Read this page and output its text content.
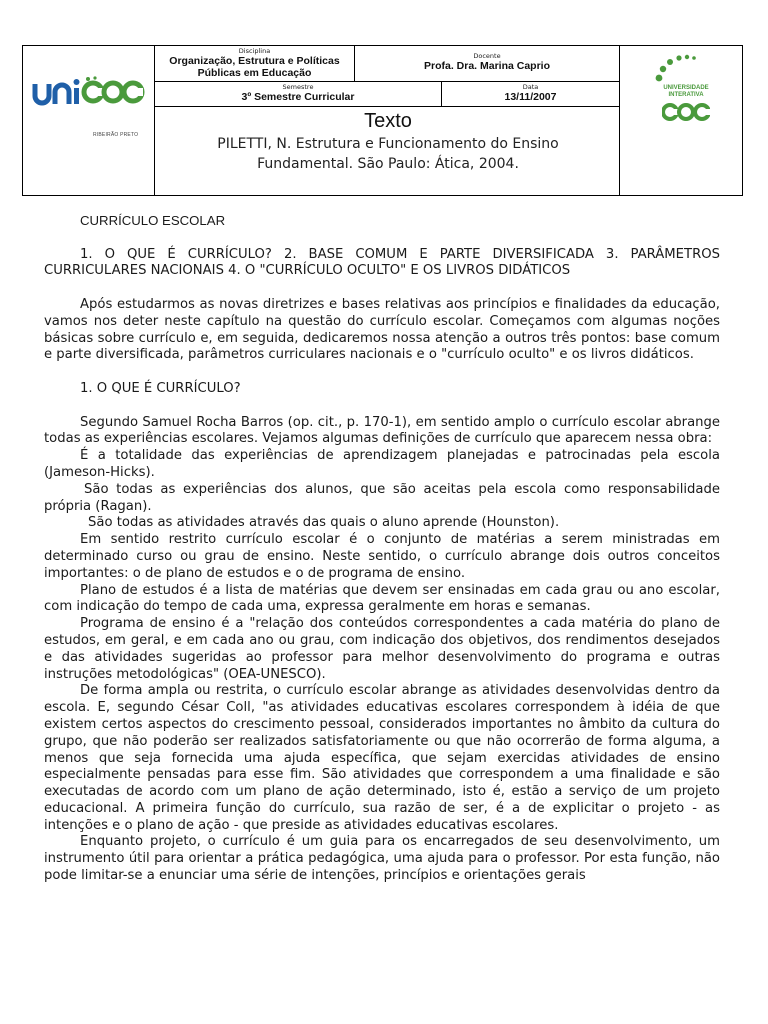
RIBEIRÃO PRETO
Disciplina
Organização, Estrutura e Políticas Públicas em Educação
Docente
Profa. Dra. Marina Caprio
Semestre
3º Semestre Curricular
Data
13/11/2007
Texto
PILETTI, N. Estrutura e Funcionamento do Ensino Fundamental. São Paulo: Ática, 2004.
UNIVERSIDADE
INTERATIVA

CURRÍCULO ESCOLAR

1. O QUE É CURRÍCULO? 2. BASE COMUM E PARTE DIVERSIFICADA 3. PARÂMETROS CURRICULARES NACIONAIS 4. O "CURRÍCULO OCULTO" E OS LIVROS DIDÁTICOS

Após estudarmos as novas diretrizes e bases relativas aos princípios e finalidades da educação, vamos nos deter neste capítulo na questão do currículo escolar. Começamos com algumas noções básicas sobre currículo e, em seguida, dedicaremos nossa atenção a outros três pontos: base comum e parte diversificada, parâmetros curriculares nacionais e o "currículo oculto" e os livros didáticos.

1. O QUE É CURRÍCULO?

Segundo Samuel Rocha Barros (op. cit., p. 170-1), em sentido amplo o currículo escolar abrange todas as experiências escolares. Vejamos algumas definições de currículo que aparecem nessa obra:

É a totalidade das experiências de aprendizagem planejadas e patrocinadas pela escola (Jameson-Hicks).

São todas as experiências dos alunos, que são aceitas pela escola como responsabilidade própria (Ragan).

São todas as atividades através das quais o aluno aprende (Hounston).

Em sentido restrito currículo escolar é o conjunto de matérias a serem ministradas em determinado curso ou grau de ensino. Neste sentido, o currículo abrange dois outros conceitos importantes: o de plano de estudos e o de programa de ensino.

Plano de estudos é a lista de matérias que devem ser ensinadas em cada grau ou ano escolar, com indicação do tempo de cada uma, expressa geralmente em horas e semanas.

Programa de ensino é a "relação dos conteúdos correspondentes a cada matéria do plano de estudos, em geral, e em cada ano ou grau, com indicação dos objetivos, dos rendimentos desejados e das atividades sugeridas ao professor para melhor desenvolvimento do programa e outras instruções metodológicas" (OEA-UNESCO).

De forma ampla ou restrita, o currículo escolar abrange as atividades desenvolvidas dentro da escola. E, segundo César Coll, "as atividades educativas escolares correspondem à idéia de que existem certos aspectos do crescimento pessoal, considerados importantes no âmbito da cultura do grupo, que não poderão ser realizados satisfatoriamente ou que não ocorrerão de forma alguma, a menos que seja fornecida uma ajuda específica, que sejam exercidas atividades de ensino especialmente pensadas para esse fim. São atividades que correspondem a uma finalidade e são executadas de acordo com um plano de ação determinado, isto é, estão a serviço de um projeto educacional. A primeira função do currículo, sua razão de ser, é a de explicitar o projeto - as intenções e o plano de ação - que preside as atividades educativas escolares.

Enquanto projeto, o currículo é um guia para os encarregados de seu desenvolvimento, um instrumento útil para orientar a prática pedagógica, uma ajuda para o professor. Por esta função, não pode limitar-se a enunciar uma série de intenções, princípios e orientações gerais
